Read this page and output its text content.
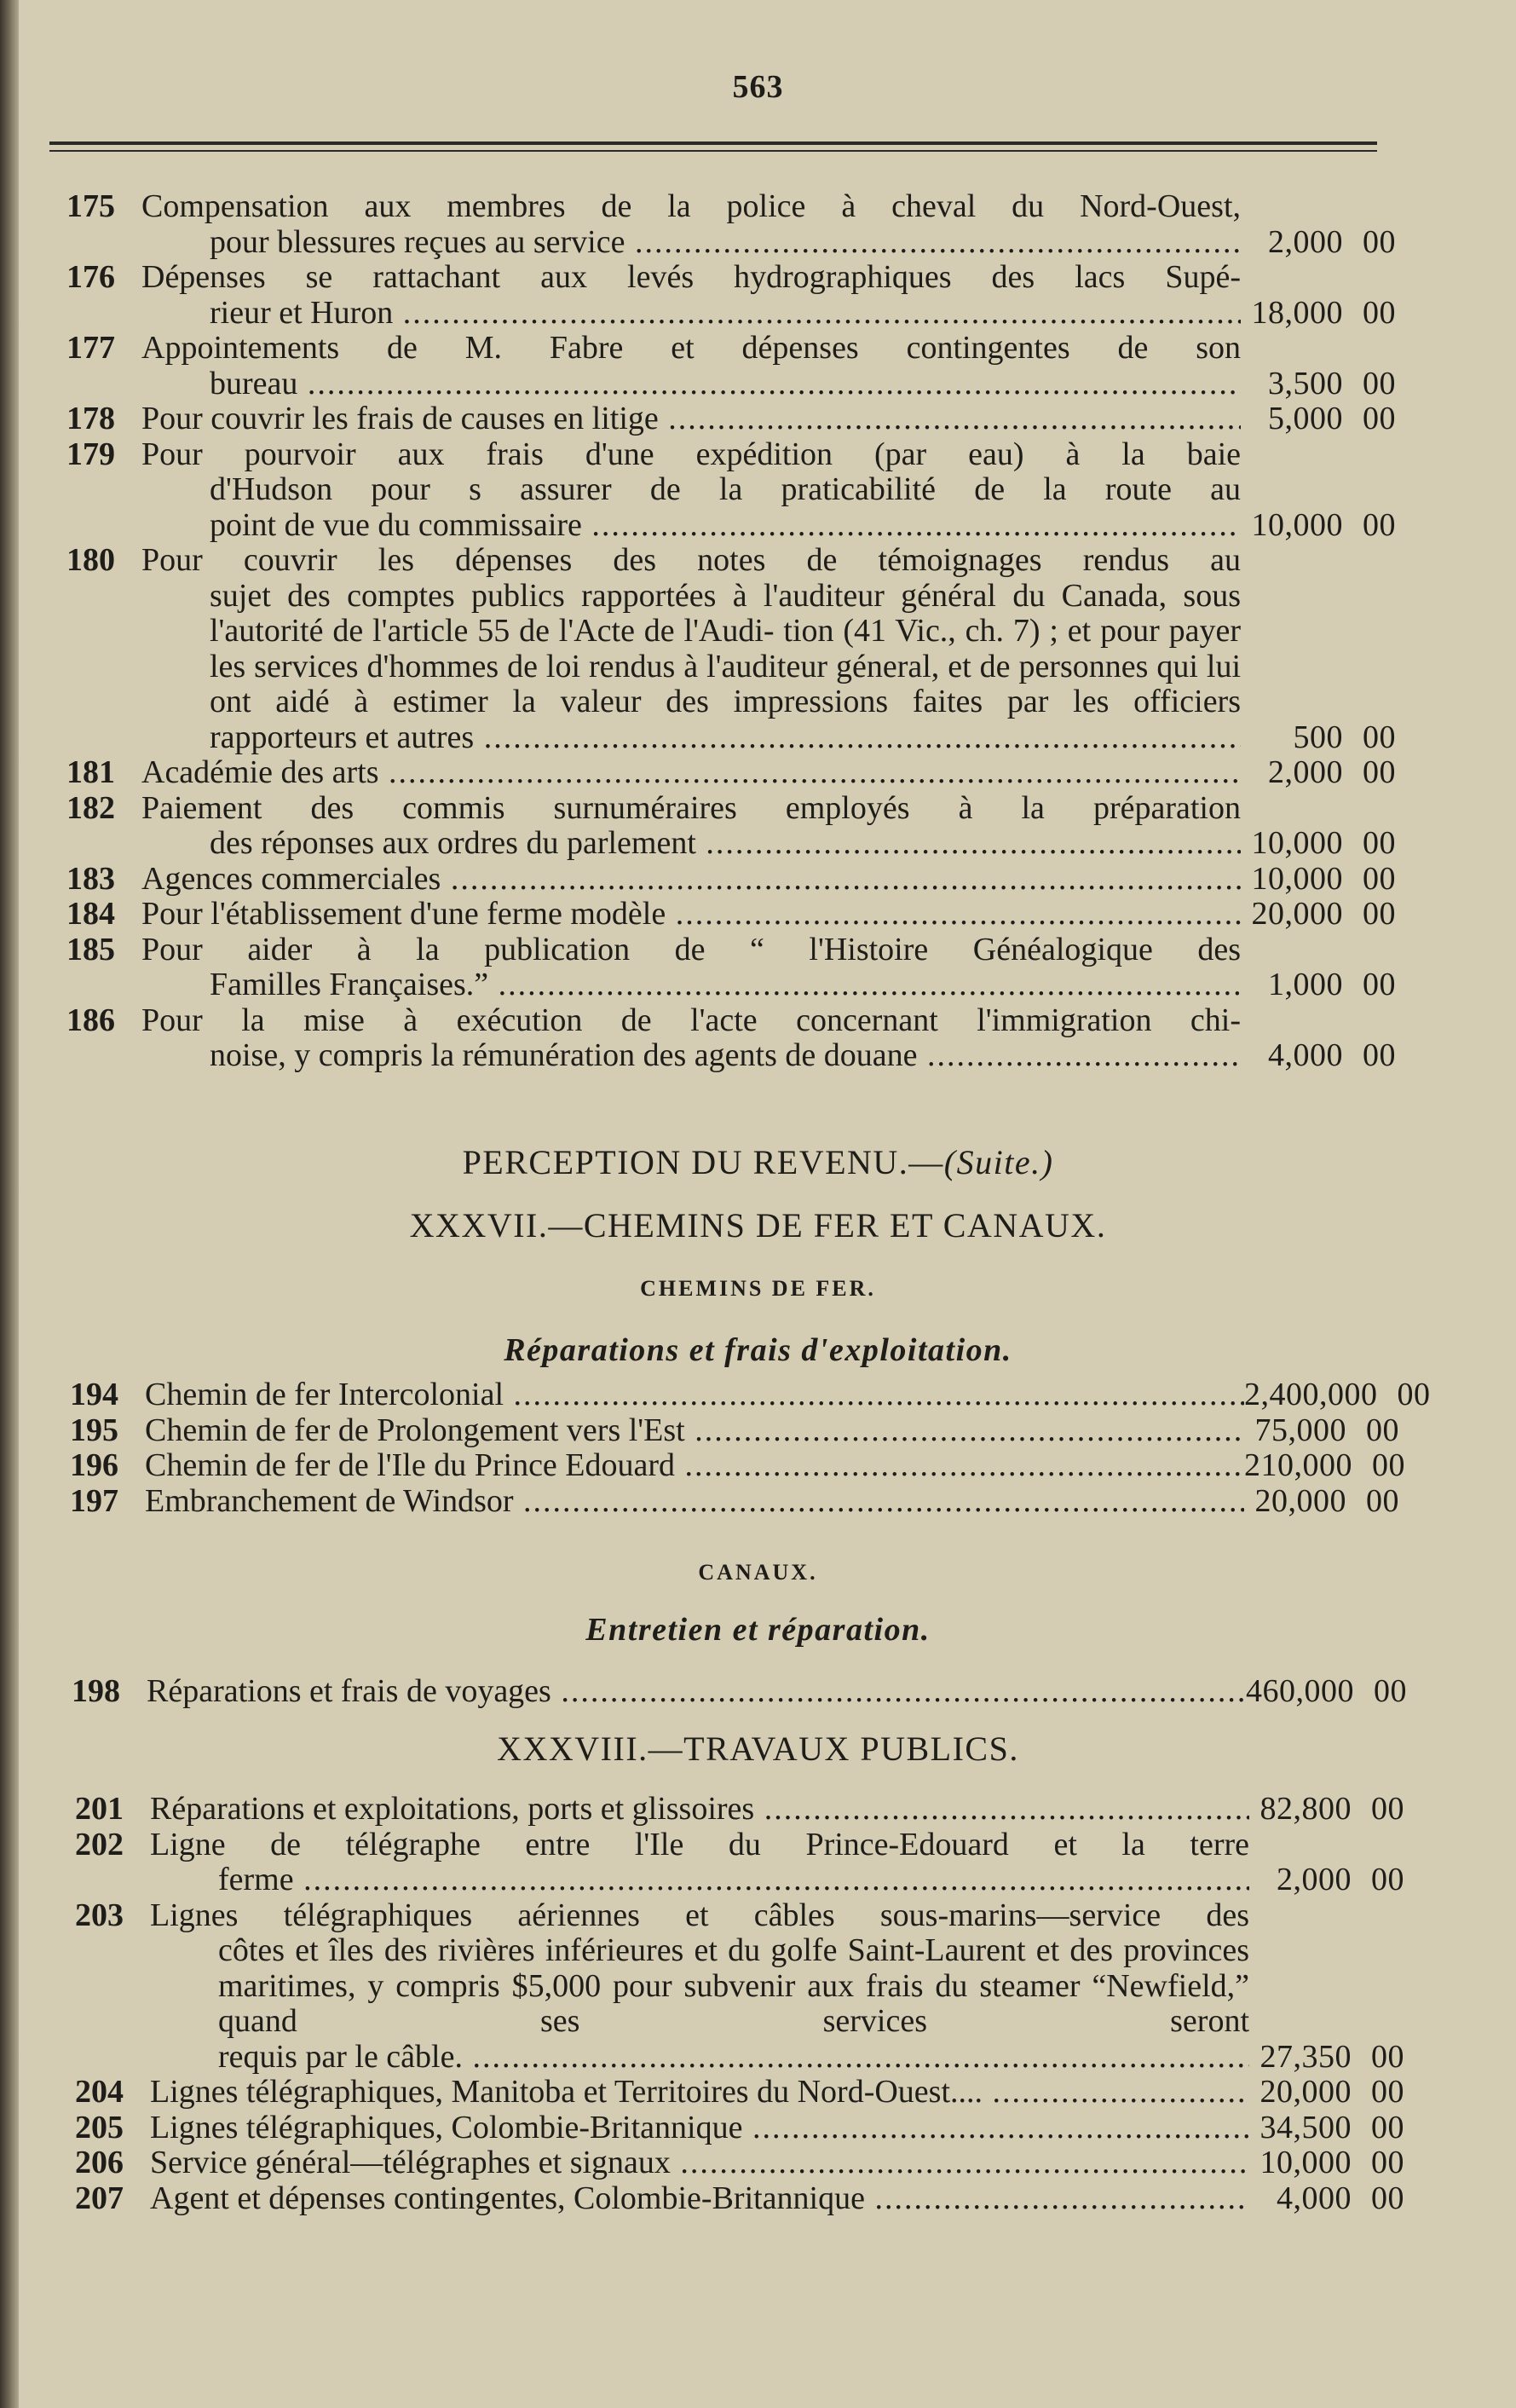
563
175 Compensation aux membres de la police à cheval du Nord-Ouest,
pour blessures reçues au service .....	2,000 00
176 Dépenses se rattachant aux levés hydrographiques des lacs Supé-
rieur et Huron .....	18,000 00
177 Appointements de M. Fabre et dépenses contingentes de son
bureau .....	3,500 00
178 Pour couvrir les frais de causes en litige .....	5,000 00
179 Pour pourvoir aux frais d'une expédition (par eau) à la baie
d'Hudson pour s assurer de la praticabilité de la route au
point de vue du commissaire .....	10,000 00
180 Pour couvrir les dépenses des notes de témoignages rendus au
sujet des comptes publics rapportées à l'auditeur général du Canada, sous l'autorité de l'article 55 de l'Acte de l'Audi- tion (41 Vic., ch. 7) ; et pour payer les services d'hommes de loi rendus à l'auditeur géneral, et de personnes qui lui ont aidé à estimer la valeur des impressions faites par les officiers
rapporteurs et autres .....	500 00
181 Académie des arts .....	2,000 00
182 Paiement des commis surnuméraires employés à la préparation
des réponses aux ordres du parlement .....	10,000 00
183 Agences commerciales .....	10,000 00
184 Pour l'établissement d'une ferme modèle .....	20,000 00
185 Pour aider à la publication de “ l'Histoire Généalogique des
Familles Françaises.” .....	1,000 00
186 Pour la mise à exécution de l'acte concernant l'immigration chi-
noise, y compris la rémunération des agents de douane .....	4,000 00
PERCEPTION DU REVENU.—(Suite.)
XXXVII.—CHEMINS DE FER ET CANAUX.
CHEMINS DE FER.
Réparations et frais d'exploitation.
194 Chemin de fer Intercolonial .....	2,400,000 00
195 Chemin de fer de Prolongement vers l'Est .....	75,000 00
196 Chemin de fer de l'Ile du Prince Edouard .....	210,000 00
197 Embranchement de Windsor .....	20,000 00
CANAUX.
Entretien et réparation.
198 Réparations et frais de voyages .....	460,000 00
XXXVIII.—TRAVAUX PUBLICS.
201 Réparations et exploitations, ports et glissoires .....	82,800 00
202 Ligne de télégraphe entre l'Ile du Prince-Edouard et la terre
ferme .....	2,000 00
203 Lignes télégraphiques aériennes et câbles sous-marins—service des
côtes et îles des rivières inférieures et du golfe Saint-Laurent et des provinces maritimes, y compris $5,000 pour subvenir aux frais du steamer “Newfield,” quand ses services seront
requis par le câble. .....	27,350 00
204 Lignes télégraphiques, Manitoba et Territoires du Nord-Ouest.... .....	20,000 00
205 Lignes télégraphiques, Colombie-Britannique .....	34,500 00
206 Service général—télégraphes et signaux .....	10,000 00
207 Agent et dépenses contingentes, Colombie-Britannique .....	4,000 00
